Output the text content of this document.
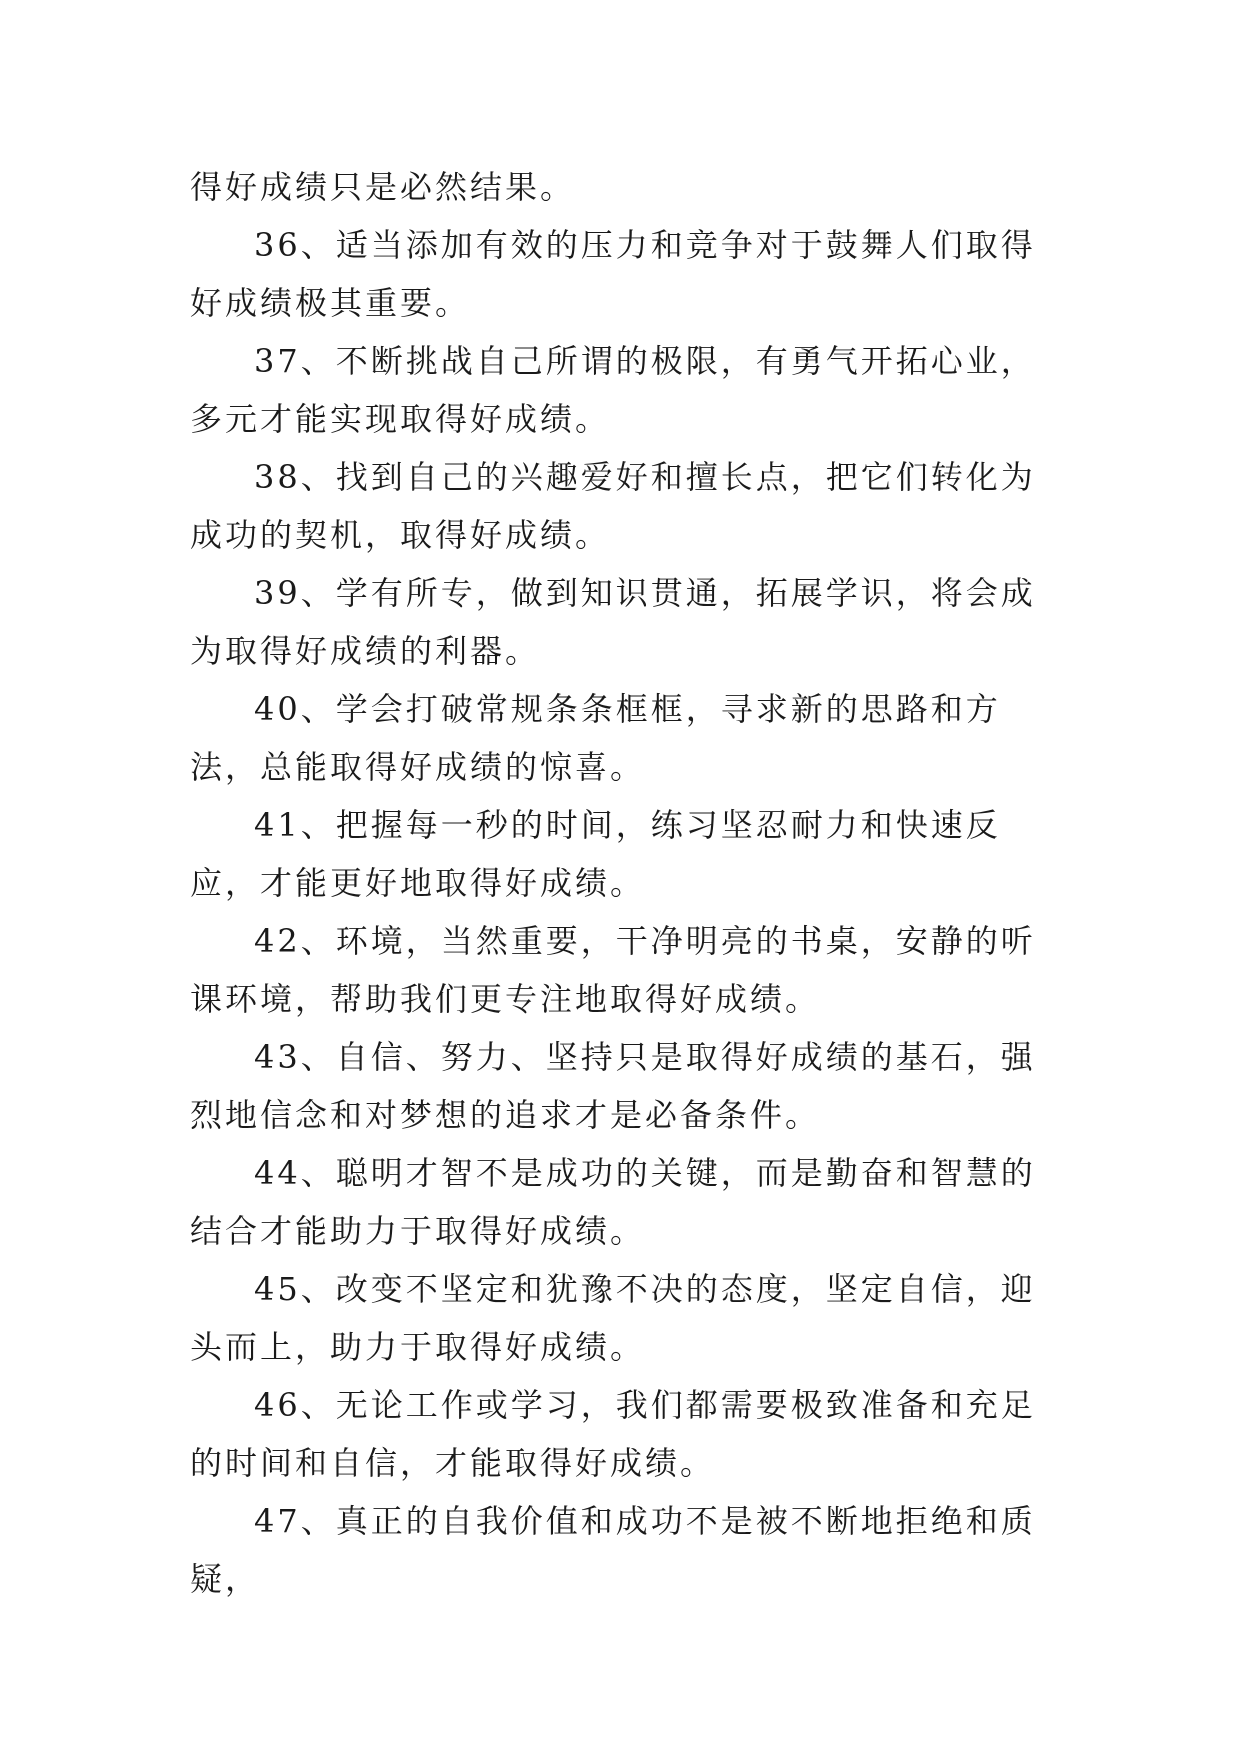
得好成绩只是必然结果。

36、适当添加有效的压力和竞争对于鼓舞人们取得好成绩极其重要。

37、不断挑战自己所谓的极限，有勇气开拓心业，多元才能实现取得好成绩。

38、找到自己的兴趣爱好和擅长点，把它们转化为成功的契机，取得好成绩。

39、学有所专，做到知识贯通，拓展学识，将会成为取得好成绩的利器。

40、学会打破常规条条框框，寻求新的思路和方法，总能取得好成绩的惊喜。

41、把握每一秒的时间，练习坚忍耐力和快速反应，才能更好地取得好成绩。

42、环境，当然重要，干净明亮的书桌，安静的听课环境，帮助我们更专注地取得好成绩。

43、自信、努力、坚持只是取得好成绩的基石，强烈地信念和对梦想的追求才是必备条件。

44、聪明才智不是成功的关键，而是勤奋和智慧的结合才能助力于取得好成绩。

45、改变不坚定和犹豫不决的态度，坚定自信，迎头而上，助力于取得好成绩。

46、无论工作或学习，我们都需要极致准备和充足的时间和自信，才能取得好成绩。

47、真正的自我价值和成功不是被不断地拒绝和质疑，
